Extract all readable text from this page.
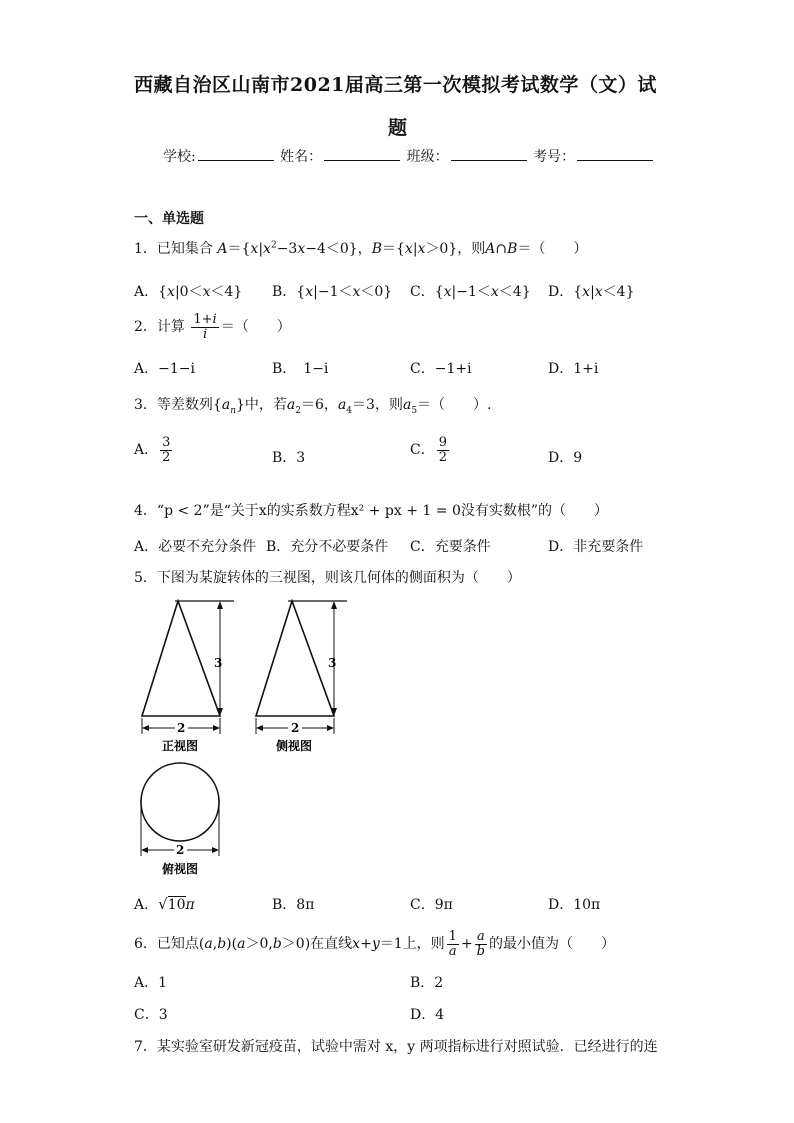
西藏自治区山南市2021届高三第一次模拟考试数学（文）试
题
学校:	姓名：	班级：	考号：
一、单选题
1．已知集合 $A=\{x|x^2-3x-4<0\}$，B＝{x|x＞0}，则A∩B＝（　　）
A．{x|0＜x＜4} B．{x|−1＜x＜0} C．{x|−1＜x＜4} D．{x|x＜4}
2．计算 $\frac{1+i}{i}$ ＝（　　）
A．−1−i	B．　1−i	C．−1+i	D．1+i
3．等差数列$\{a_n\}$中，若$a_2=6$，$a_4=3$，则$a_5=$（　　）.
A． $\frac{3}{2}$	B．3	C． $\frac{9}{2}$	D．9
4．“p < 2”是“关于x的实系数方程x² + px + 1 = 0没有实数根”的（　　）
A．必要不充分条件 B．充分不必要条件 C．充要条件	D．非充要条件
5．下图为某旋转体的三视图，则该几何体的侧面积为（　　）
3
2
正视图
3
2
侧视图
2
俯视图
A．√10π	B．8π	C．9π	D．10π
6．已知点(a,b)(a＞0,b＞0)在直线x+y＝1上，则 $\frac{1}{a} + \frac{a}{b}$ 的最小值为（　　）
A．1	B．2
C．3	D．4
7．某实验室研发新冠疫苗，试验中需对 x，y 两项指标进行对照试验．已经进行的连
